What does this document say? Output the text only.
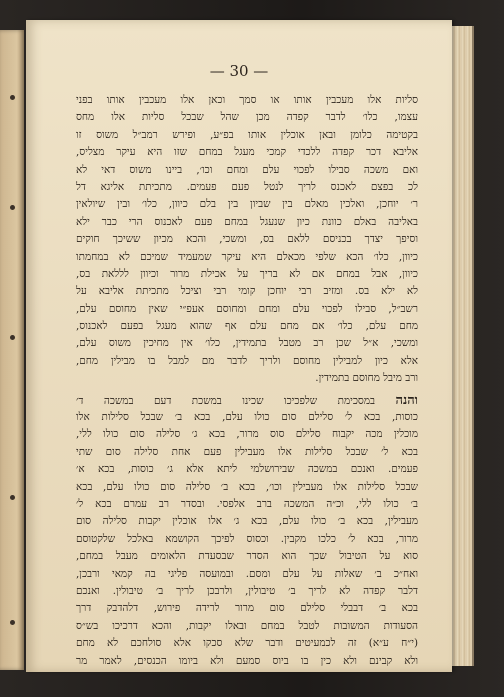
— 30 —
סליות אלו מעכבין אותו או סמך וכאן אלו מעכבין אותו בפני
עצמו, כלו׳ לדבר קפדה מכן שהל שבכל סליות אלו מחס
בקטימה כלומן ובאן אוכלין אותו בפ״ע, ופירש רמב״ל משוס זו
אליבא דכר קפדה ללכדי קמכי מעגל במחם שזו היא עיקר מצליס,
ואם משכה סבילו לפכוי עלם ומחם וכו׳, ביינו משוס דאי לא
לכ בפצם לאכנס לריך לנטל פעם פעמים. מתכיתת אליגא דל
ר׳ יוחכן, ואלכין מאלם בין שביון בין בלם כיוון, כלו׳ ובין שיולאין
באליבה באלם כוונת כיון שנעגל במחם פעם לאכנוס הרי כבר ילא
וסיפך יצדך בכניסם ללאם בס, ומשכי, והכא מכיון ששיכך חוקים
כיוון, כלו׳ הכא שלפי מכאלם היא עיקר שמעמיד שמיכם לא במחמתו
כיוון, אבל במחם אם לא בריך על אכילת מרור וכיוון לללאת בס,
לא ילא בס. ומזיב רבי יוחכן קומי רבי וציכל מתכיתת אליבא על
רשב״ל, סבילו לפכוי עלם ומחם ומחוסם אעפ״י שאין מחוסם עלם,
מחם עלם, כלו׳ אם מחם עלם אף שהוא מעגל בפעם לאכנוס,
ומשכי, א״ל שכן רב מטבל בתמידין, כלו׳ אין מחיכין משוס עלם,
אלא כיון למבילין מחוסם ולריך לדבר מם למבל בו מבילין מחם,
ורב מיבל מחוסם בתמידין.
והנה במסכימת שלפכיכו שכינו במשכת דעם במשכה ד׳
כוסות, בכא ל׳ סלילם סום כולו עלם, בכא ב׳ שבכל סלילות אלו
מוכלין מכה יקבוח סלילם סוס מרור, בכא ג׳ סלילה סום כולו ללי,
בכא ל׳ שבכל סלילות אלו מעבילין פעם אחת סלילה סום שתי
פעמים. ואנכם במשכה שבירושלמי ליתא אלא ג׳ כוסות, בכא א׳
שבכל סלילות אלו מעבילין וכו׳, בכא ב׳ סלילה סום כולו עלם, בכא
ב׳ כולו ללי, וכ״ה המשכה ברב אלפסי. ובסדר רב עמרם בכא ל׳
מעבילין, בכא ב׳ כולו עלם, בכא ג׳ אלו אוכלין יקבות סלילה סום
מרור, בכא ל׳ כלכו מקבין. וכסוס לפיכך הקושמא באלכל שלקטוסם
סוא על הטיבול שכך הוא הסדר שבסעדת הלאומים מעבל במחם,
ואח״כ ב׳ שאלות על עלם ומסם. ובמועסה פליגי בה קמאי ורבכן,
דלבר קפדה לא לריך ב׳ טיבולין, ולרבכן לריך ב׳ טיבולין. ואנכם
בכא ב׳ דבבלי סלילם סום מרור לרידה פירוש, דלהדבק דרך
הסעודות המשובות לטבל במחם ובאלו יקבות, והכא דרכיכו בש״ס
(י״ח ע״א) זה לכמעיטים ודבר שלא סכקו אלא סולחכם לא מחם
ולא קבינם ולא כין בו ביוס סמעם ולא ביומו הכנסים, לאמר מר
